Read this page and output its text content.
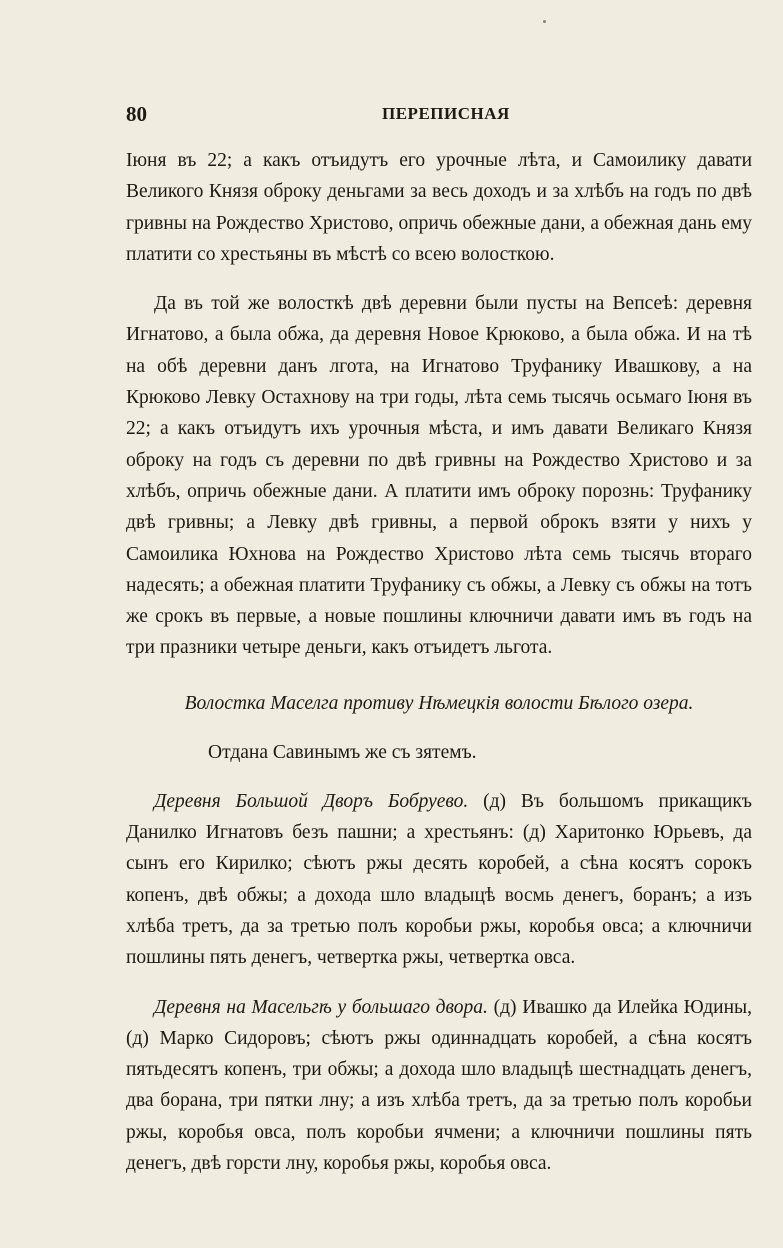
80	ПЕРЕПИСНАЯ

Іюня въ 22; а какъ отъидутъ его урочные лѣта, и Самоилику давати Великого Князя оброку деньгами за весь доходъ и за хлѣбъ на годъ по двѣ гривны на Рождество Христово, опричь обежные дани, а обежная дань ему платити со хрестьяны въ мѣстѣ со всею волосткою.

Да въ той же волосткѣ двѣ деревни были пусты на Вепсеѣ: деревня Игнатово, а была обжа, да деревня Новое Крюково, а была обжа. И на тѣ на обѣ деревни данъ лгота, на Игнатово Труфанику Ивашкову, а на Крюково Левку Остахнову на три годы, лѣта семь тысячь осьмаго Іюня въ 22; а какъ отъидутъ ихъ урочныя мѣста, и имъ давати Великаго Князя оброку на годъ съ деревни по двѣ гривны на Рождество Христово и за хлѣбъ, опричь обежные дани. А платити имъ оброку порознь: Труфанику двѣ гривны; а Левку двѣ гривны, а первой оброкъ взяти у нихъ у Самоилика Юхнова на Рождество Христово лѣта семь тысячь втораго надесять; а обежная платити Труфанику съ обжы, а Левку съ обжы на тотъ же срокъ въ первые, а новые пошлины ключничи давати имъ въ годъ на три празники четыре деньги, какъ отъидетъ льгота.

Волостка Маселга противу Нѣмецкія волости Бѣлого озера.

Отдана Савинымъ же съ зятемъ.

Деревня Большой Дворъ Бобруево. (д) Въ большомъ прикащикъ Данилко Игнатовъ безъ пашни; а хрестьянъ: (д) Харитонко Юрьевъ, да сынъ его Кирилко; сѣютъ ржы десять коробей, а сѣна косятъ сорокъ копенъ, двѣ обжы; а дохода шло владыцѣ восмь денегъ, боранъ; а изъ хлѣба третъ, да за третью полъ коробьи ржы, коробья овса; а ключничи пошлины пять денегъ, четвертка ржы, четвертка овса.

Деревня на Масельгѣ у большаго двора. (д) Ивашко да Илейка Юдины, (д) Марко Сидоровъ; сѣютъ ржы одиннадцать коробей, а сѣна косятъ пятьдесятъ копенъ, три обжы; а дохода шло владыцѣ шестнадцать денегъ, два борана, три пятки лну; а изъ хлѣба третъ, да за третью полъ коробьи ржы, коробья овса, полъ коробьи ячмени; а ключничи пошлины пять денегъ, двѣ горсти лну, коробья ржы, коробья овса.
